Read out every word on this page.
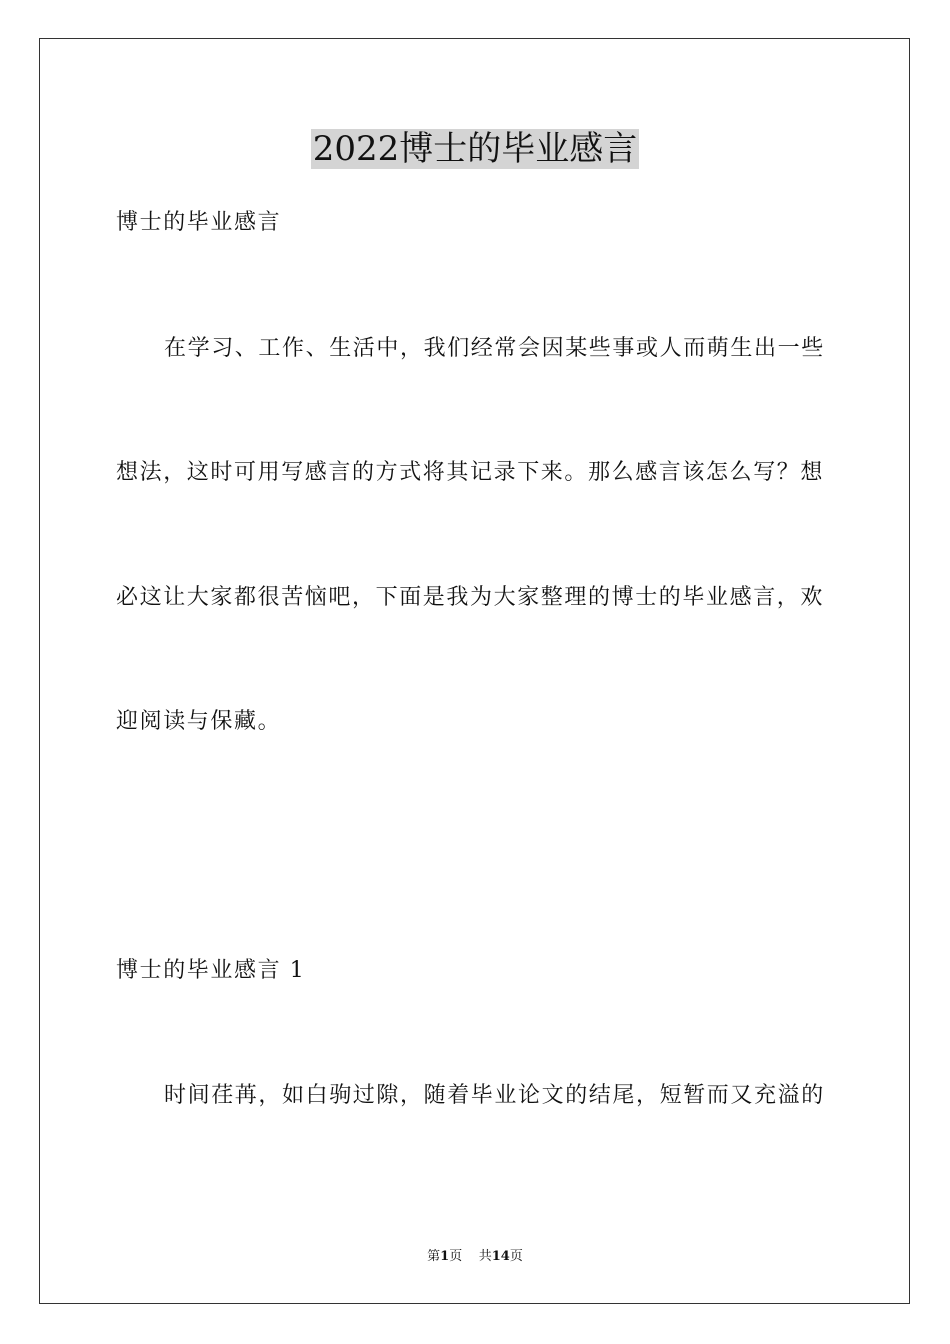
2022博士的毕业感言
博士的毕业感言
在学习、工作、生活中，我们经常会因某些事或人而萌生出一些
想法，这时可用写感言的方式将其记录下来。那么感言该怎么写？想
必这让大家都很苦恼吧，下面是我为大家整理的博士的毕业感言，欢
迎阅读与保藏。
博士的毕业感言 1
时间荏苒，如白驹过隙，随着毕业论文的结尾，短暂而又充溢的
第1页 共14页
